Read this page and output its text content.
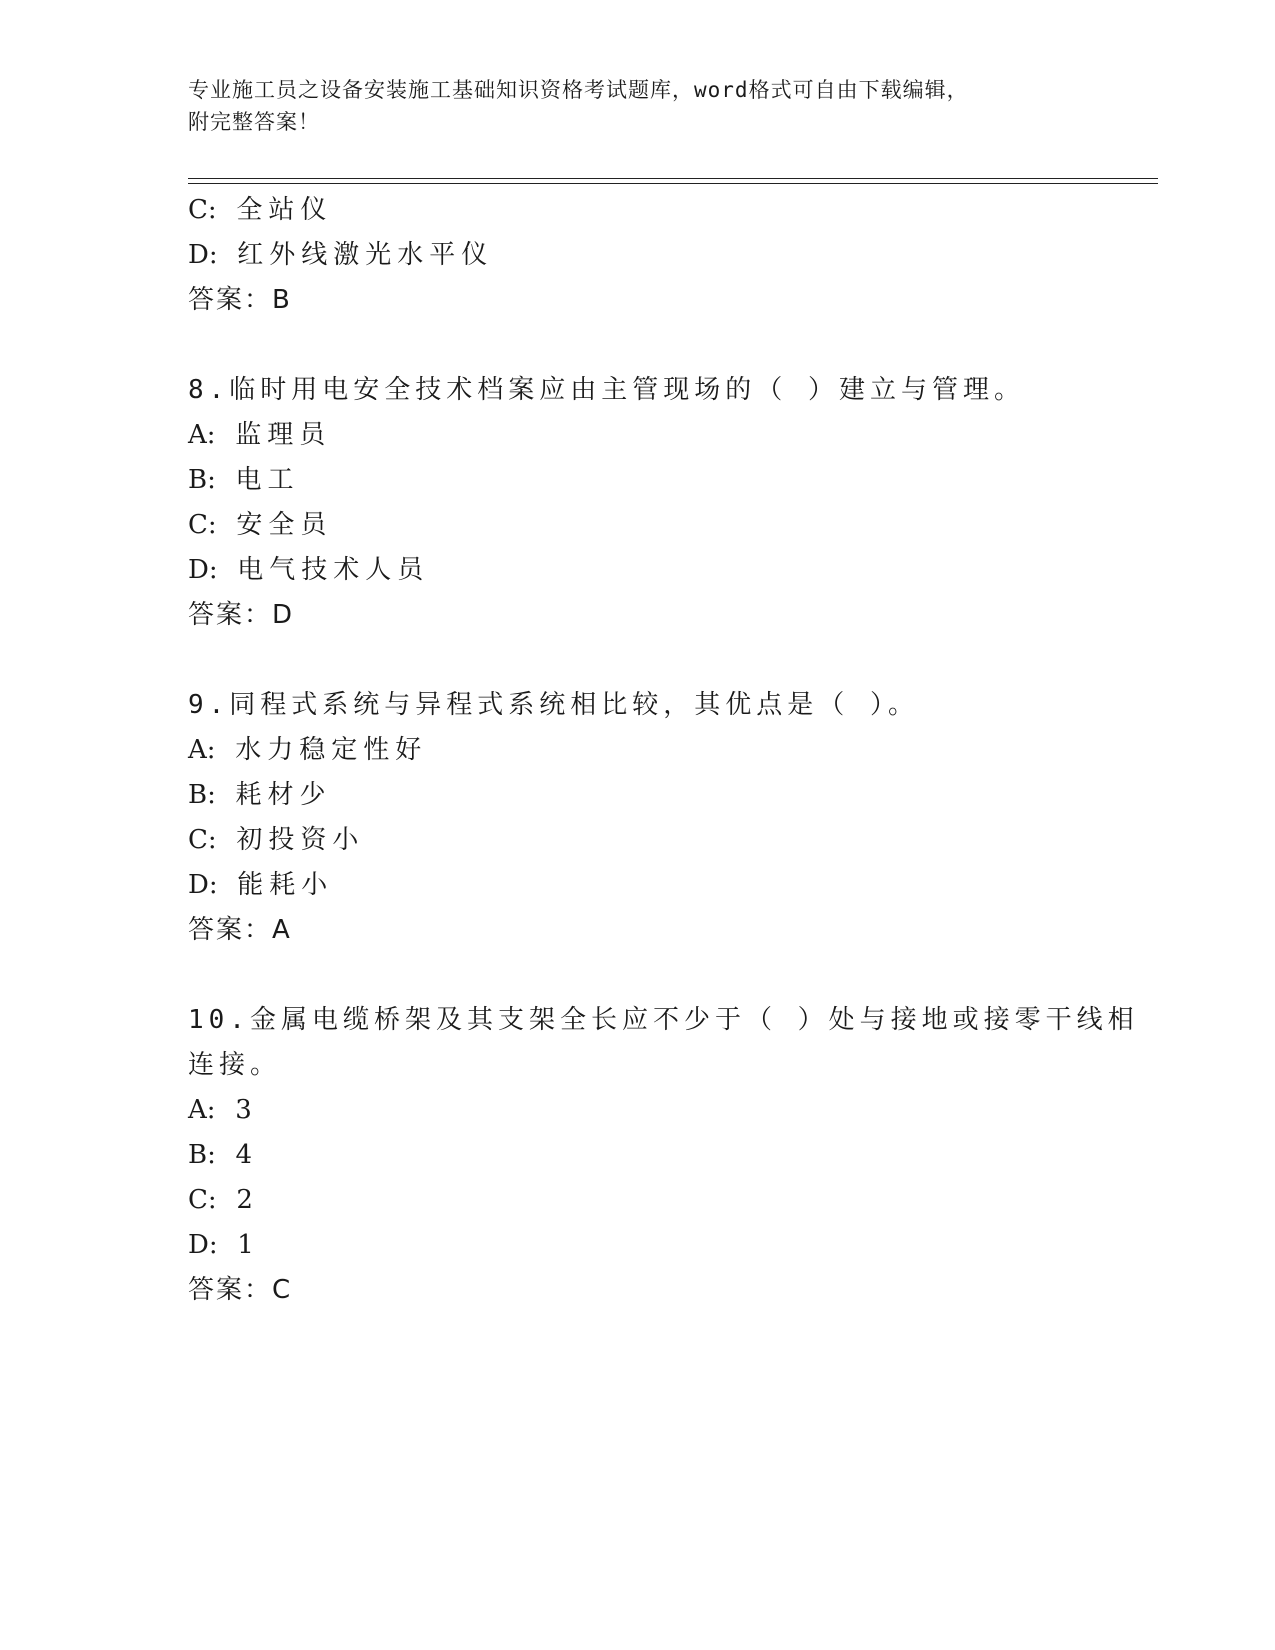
专业施工员之设备安装施工基础知识资格考试题库，word格式可自由下载编辑，
附完整答案！
C: 全站仪
D: 红外线激光水平仪
答案：B
8.临时用电安全技术档案应由主管现场的（ ）建立与管理。
A: 监理员
B: 电工
C: 安全员
D: 电气技术人员
答案：D
9.同程式系统与异程式系统相比较，其优点是（ ）。
A: 水力稳定性好
B: 耗材少
C: 初投资小
D: 能耗小
答案：A
10.金属电缆桥架及其支架全长应不少于（ ）处与接地或接零干线相
连接。
A: 3
B: 4
C: 2
D: 1
答案：C
